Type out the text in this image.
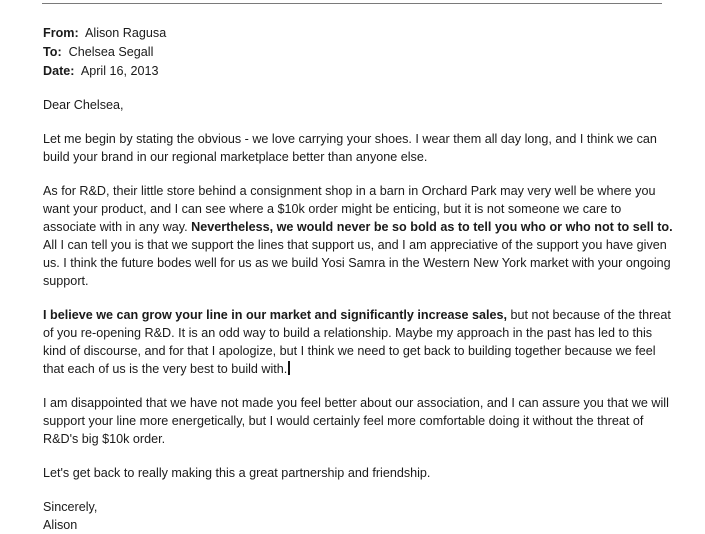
From: Alison Ragusa
To: Chelsea Segall
Date: April 16, 2013

Dear Chelsea,

Let me begin by stating the obvious - we love carrying your shoes. I wear them all day long, and I think we can build your brand in our regional marketplace better than anyone else.

As for R&D, their little store behind a consignment shop in a barn in Orchard Park may very well be where you want your product, and I can see where a $10k order might be enticing, but it is not someone we care to associate with in any way. Nevertheless, we would never be so bold as to tell you who or who not to sell to. All I can tell you is that we support the lines that support us, and I am appreciative of the support you have given us. I think the future bodes well for us as we build Yosi Samra in the Western New York market with your ongoing support.

I believe we can grow your line in our market and significantly increase sales, but not because of the threat of you re-opening R&D. It is an odd way to build a relationship. Maybe my approach in the past has led to this kind of discourse, and for that I apologize, but I think we need to get back to building together because we feel that each of us is the very best to build with.

I am disappointed that we have not made you feel better about our association, and I can assure you that we will support your line more energetically, but I would certainly feel more comfortable doing it without the threat of R&D's big $10k order.

Let's get back to really making this a great partnership and friendship.

Sincerely,

Alison
